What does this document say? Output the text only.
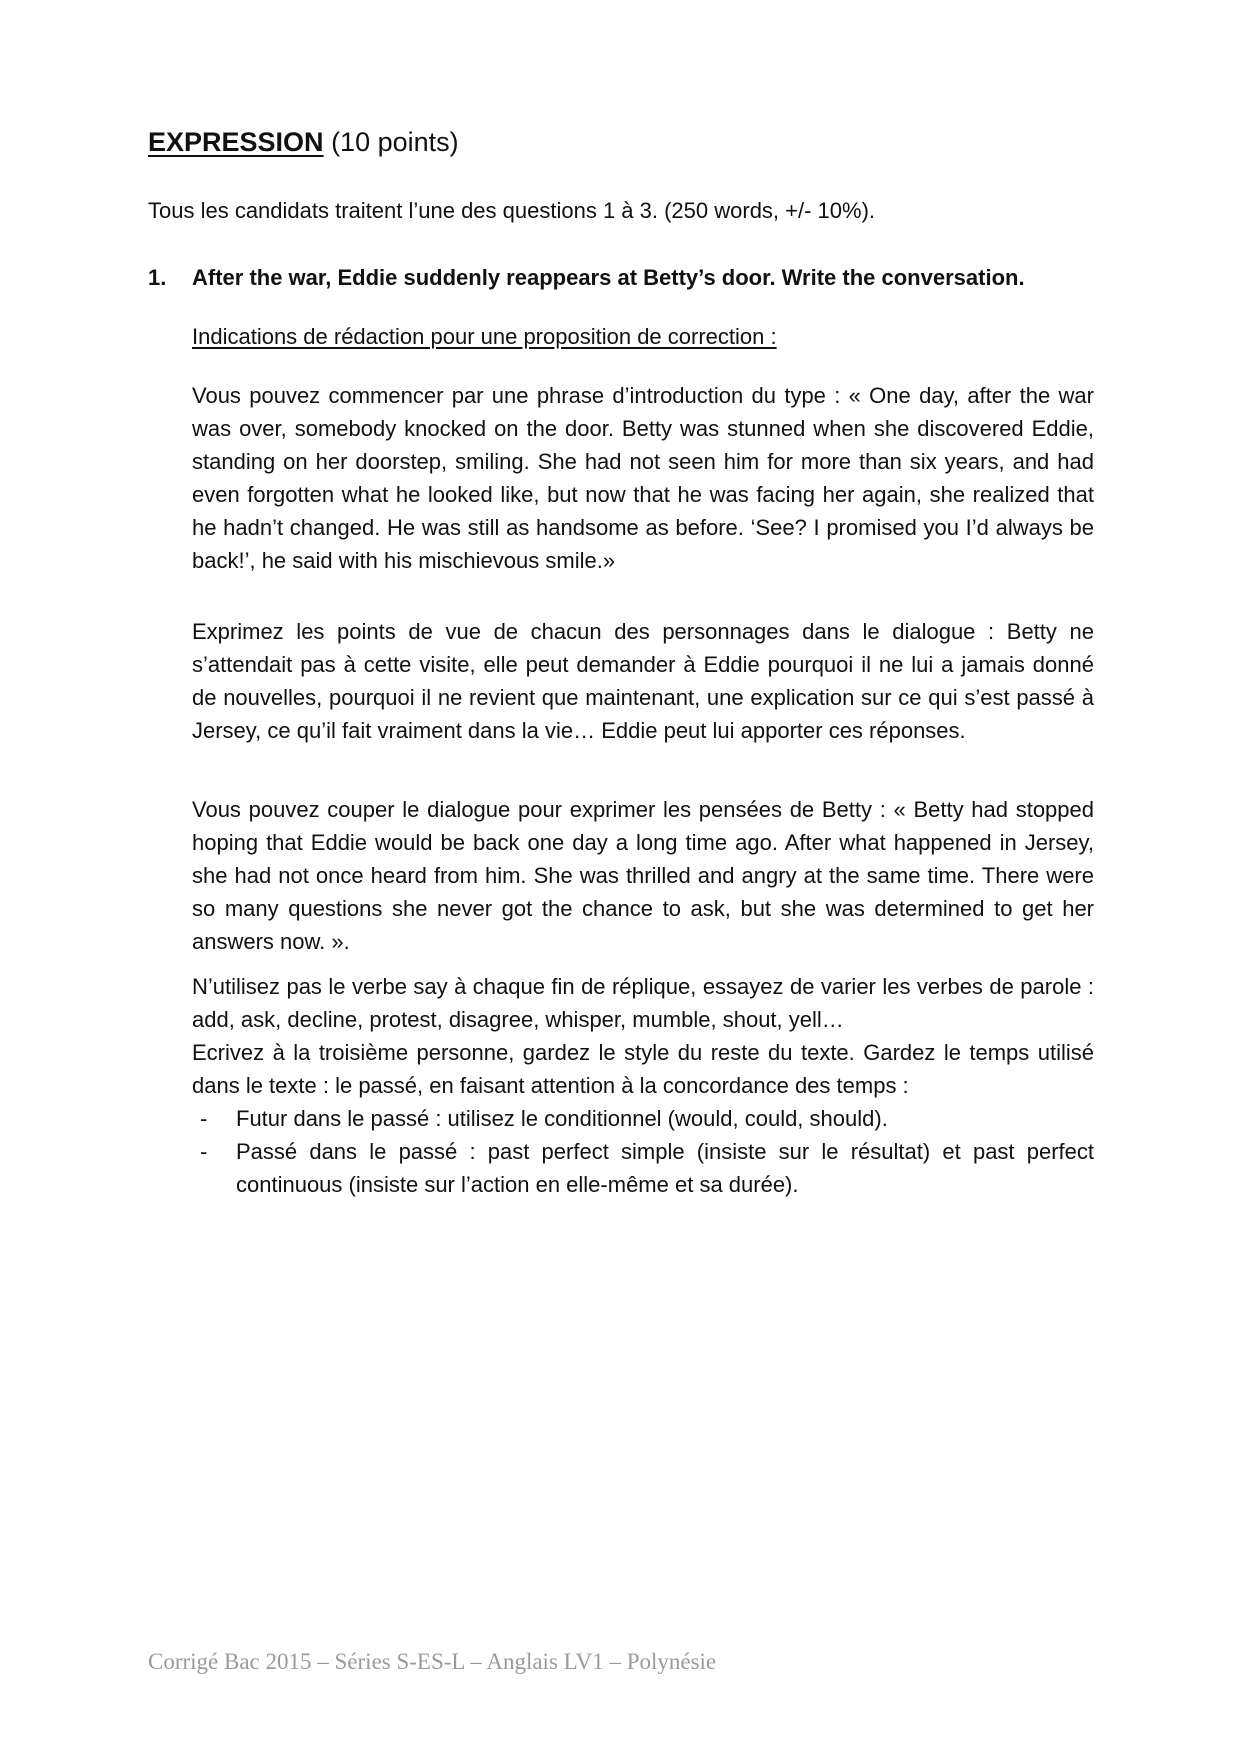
EXPRESSION (10 points)
Tous les candidats traitent l’une des questions 1 à 3. (250 words, +/- 10%).
1. After the war, Eddie suddenly reappears at Betty’s door. Write the conversation.
Indications de rédaction pour une proposition de correction :
Vous pouvez commencer par une phrase d’introduction du type : « One day, after the war was over, somebody knocked on the door. Betty was stunned when she discovered Eddie, standing on her doorstep, smiling. She had not seen him for more than six years, and had even forgotten what he looked like, but now that he was facing her again, she realized that he hadn’t changed. He was still as handsome as before. ‘See? I promised you I’d always be back!’, he said with his mischievous smile.»
Exprimez les points de vue de chacun des personnages dans le dialogue : Betty ne s’attendait pas à cette visite, elle peut demander à Eddie pourquoi il ne lui a jamais donné de nouvelles, pourquoi il ne revient que maintenant, une explication sur ce qui s’est passé à Jersey, ce qu’il fait vraiment dans la vie… Eddie peut lui apporter ces réponses.
Vous pouvez couper le dialogue pour exprimer les pensées de Betty : « Betty had stopped hoping that Eddie would be back one day a long time ago. After what happened in Jersey, she had not once heard from him. She was thrilled and angry at the same time. There were so many questions she never got the chance to ask, but she was determined to get her answers now. ».
N’utilisez pas le verbe say à chaque fin de réplique, essayez de varier les verbes de parole : add, ask, decline, protest, disagree, whisper, mumble, shout, yell…
Ecrivez à la troisième personne, gardez le style du reste du texte. Gardez le temps utilisé dans le texte : le passé, en faisant attention à la concordance des temps :
- Futur dans le passé : utilisez le conditionnel (would, could, should).
- Passé dans le passé : past perfect simple (insiste sur le résultat) et past perfect continuous (insiste sur l’action en elle-même et sa durée).
Corrigé Bac 2015 – Séries S-ES-L – Anglais LV1 – Polynésie
